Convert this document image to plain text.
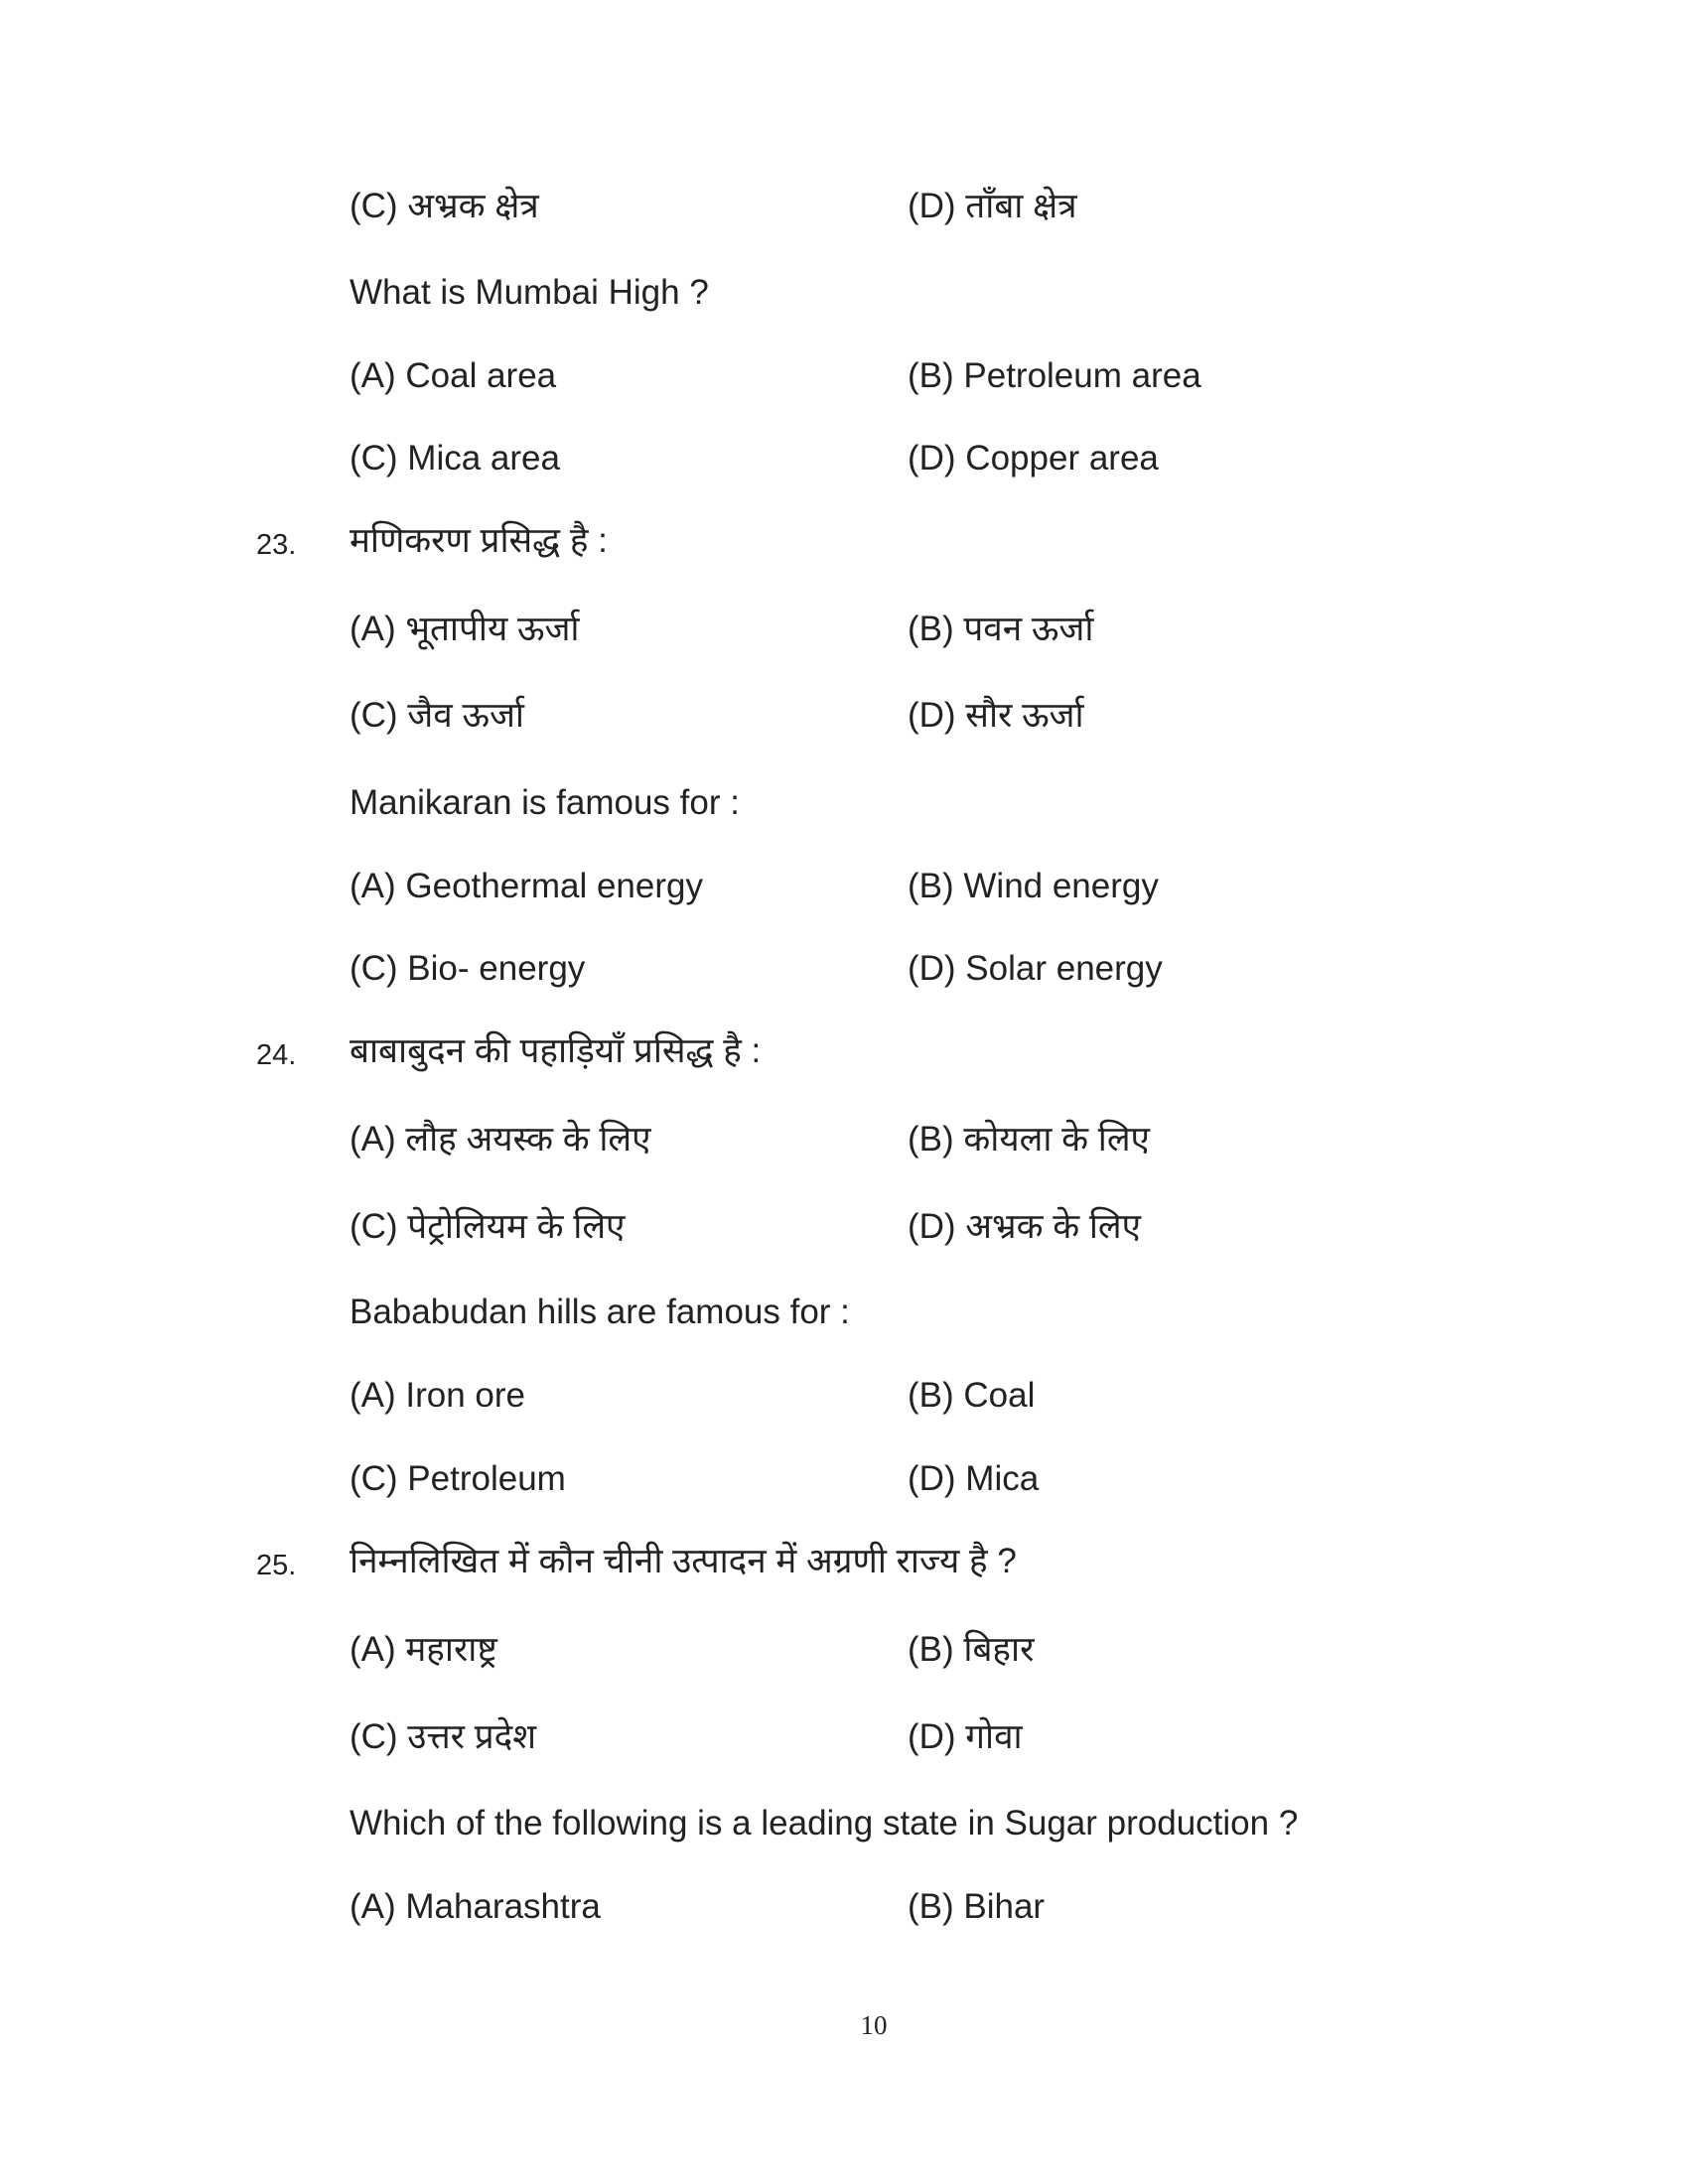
(C) अभ्रक क्षेत्र	(D) ताँबा क्षेत्र
What is Mumbai High ?
(A) Coal area	(B) Petroleum area
(C) Mica area	(D) Copper area
23. मणिकरण प्रसिद्ध है :
(A) भूतापीय ऊर्जा	(B) पवन ऊर्जा
(C) जैव ऊर्जा	(D) सौर ऊर्जा
Manikaran is famous for :
(A) Geothermal energy	(B) Wind energy
(C) Bio- energy	(D) Solar energy
24. बाबाबुदन की पहाड़ियाँ प्रसिद्ध है :
(A) लौह अयस्क के लिए	(B) कोयला के लिए
(C) पेट्रोलियम के लिए	(D) अभ्रक के लिए
Bababudan hills are famous for :
(A) Iron ore	(B) Coal
(C) Petroleum	(D) Mica
25. निम्नलिखित में कौन चीनी उत्पादन में अग्रणी राज्य है ?
(A) महाराष्ट्र	(B) बिहार
(C) उत्तर प्रदेश	(D) गोवा
Which of the following is a leading state in Sugar production ?
(A) Maharashtra	(B) Bihar
10
